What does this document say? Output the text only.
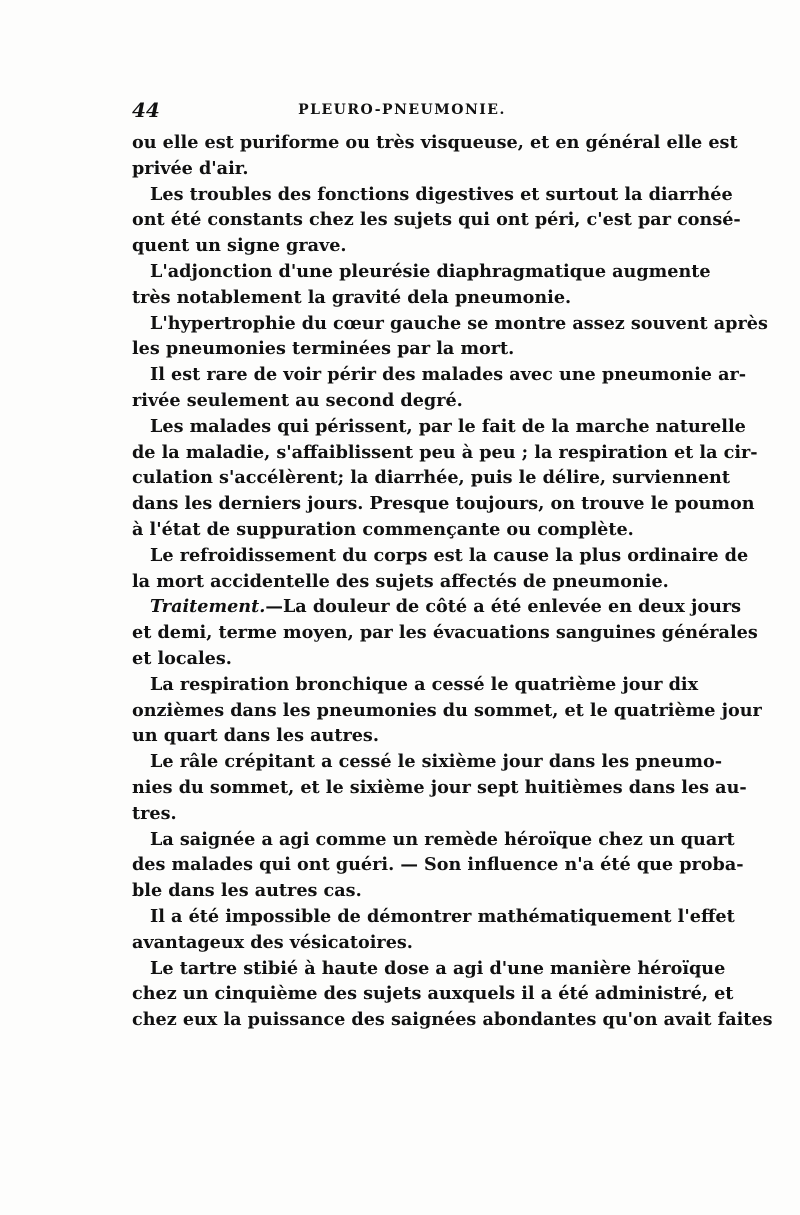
44	PLEURO-PNEUMONIE.
ou elle est puriforme ou très visqueuse, et en général elle est
privée d'air.
Les troubles des fonctions digestives et surtout la diarrhée
ont été constants chez les sujets qui ont péri, c'est par consé-
quent un signe grave.
L'adjonction d'une pleurésie diaphragmatique augmente
très notablement la gravité dela pneumonie.
L'hypertrophie du cœur gauche se montre assez souvent après
les pneumonies terminées par la mort.
Il est rare de voir périr des malades avec une pneumonie ar-
rivée seulement au second degré.
Les malades qui périssent, par le fait de la marche naturelle
de la maladie, s'affaiblissent peu à peu ; la respiration et la cir-
culation s'accélèrent; la diarrhée, puis le délire, surviennent
dans les derniers jours. Presque toujours, on trouve le poumon
à l'état de suppuration commençante ou complète.
Le refroidissement du corps est la cause la plus ordinaire de
la mort accidentelle des sujets affectés de pneumonie.
Traitement.—La douleur de côté a été enlevée en deux jours
et demi, terme moyen, par les évacuations sanguines générales
et locales.
La respiration bronchique a cessé le quatrième jour dix
onzièmes dans les pneumonies du sommet, et le quatrième jour
un quart dans les autres.
Le râle crépitant a cessé le sixième jour dans les pneumo-
nies du sommet, et le sixième jour sept huitièmes dans les au-
tres.
La saignée a agi comme un remède héroïque chez un quart
des malades qui ont guéri. — Son influence n'a été que proba-
ble dans les autres cas.
Il a été impossible de démontrer mathématiquement l'effet
avantageux des vésicatoires.
Le tartre stibié à haute dose a agi d'une manière héroïque
chez un cinquième des sujets auxquels il a été administré, et
chez eux la puissance des saignées abondantes qu'on avait faites
